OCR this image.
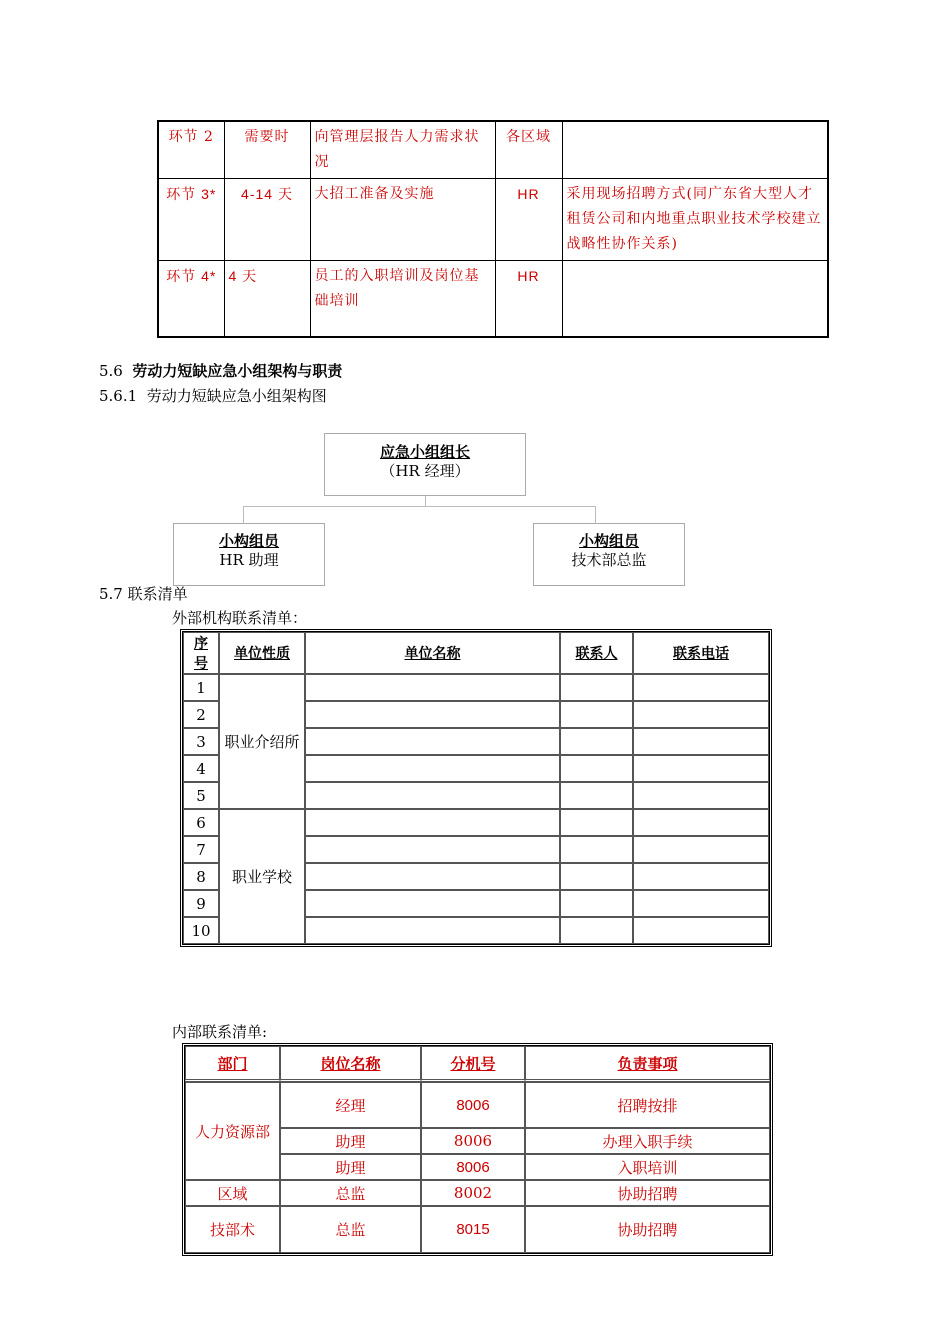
环节 2	需要时	向管理层报告人力需求状况	各区域	
环节 3*	4-14 天	大招工准备及实施	HR	采用现场招聘方式(同广东省大型人才租赁公司和内地重点职业技术学校建立战略性协作关系)
环节 4*	4 天	员工的入职培训及岗位基础培训	HR	
5.6 劳动力短缺应急小组架构与职责
5.6.1 劳动力短缺应急小组架构图
应急小组组长
（HR 经理）
小构组员
HR 助理
小构组员
技术部总监
5.7 联系清单
外部机构联系清单：
序号	单位性质	单位名称	联系人	联系电话
1	职业介绍所			
2				
3				
4				
5				
6	职业学校			
7				
8				
9				
10				
内部联系清单:
部门	岗位名称	分机号	负责事项
人力资源部	经理	8006	招聘按排
	助理	8006	办理入职手续
	助理	8006	入职培训
区域	总监	8002	协助招聘
技部术	总监	8015	协助招聘
